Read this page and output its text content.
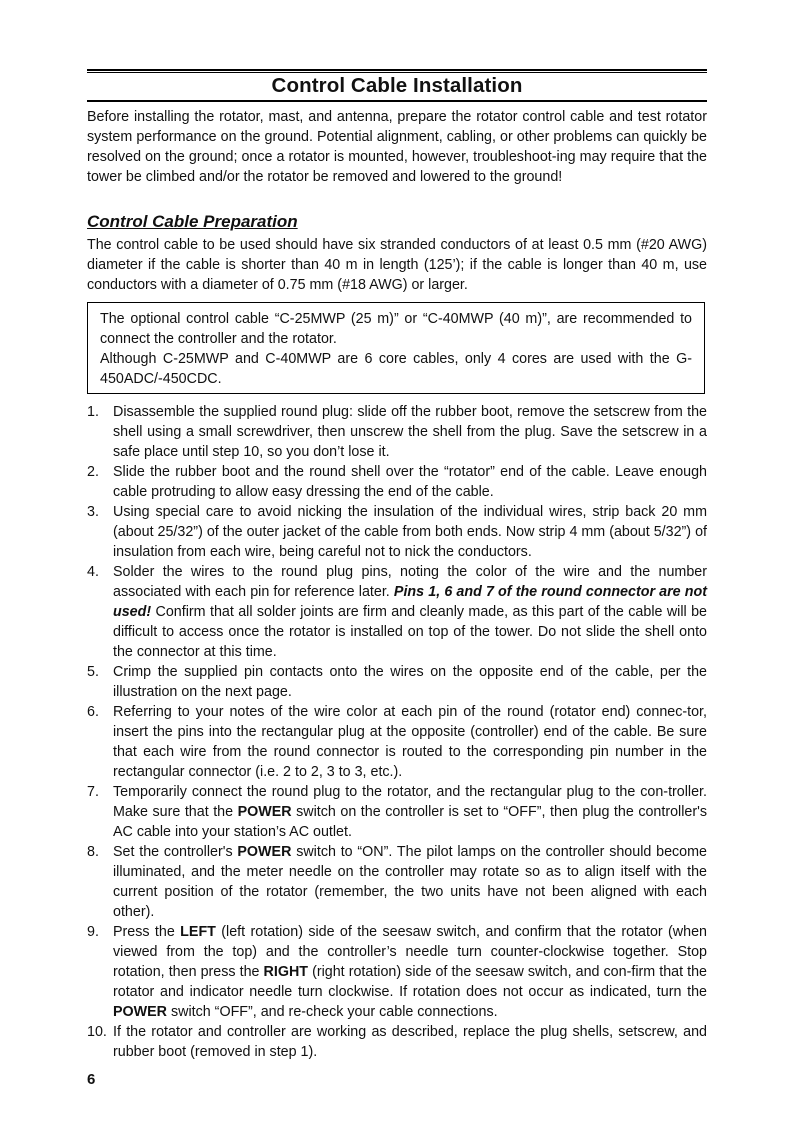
Control Cable Installation
Before installing the rotator, mast, and antenna, prepare the rotator control cable and test rotator system performance on the ground. Potential alignment, cabling, or other problems can quickly be resolved on the ground; once a rotator is mounted, however, troubleshoot-ing may require that the tower be climbed and/or the rotator be removed and lowered to the ground!
Control Cable Preparation
The control cable to be used should have six stranded conductors of at least 0.5 mm (#20 AWG) diameter if the cable is shorter than 40 m in length (125’); if the cable is longer than 40 m, use conductors with a diameter of 0.75 mm (#18 AWG) or larger.
The optional control cable “C-25MWP (25 m)” or “C-40MWP (40 m)”, are recommended to connect the controller and the rotator.
Although C-25MWP and C-40MWP are 6 core cables, only 4 cores are used with the G-450ADC/-450CDC.
1. Disassemble the supplied round plug: slide off the rubber boot, remove the setscrew from the shell using a small screwdriver, then unscrew the shell from the plug. Save the setscrew in a safe place until step 10, so you don’t lose it.
2. Slide the rubber boot and the round shell over the “rotator” end of the cable. Leave enough cable protruding to allow easy dressing the end of the cable.
3. Using special care to avoid nicking the insulation of the individual wires, strip back 20 mm (about 25/32”) of the outer jacket of the cable from both ends. Now strip 4 mm (about 5/32”) of insulation from each wire, being careful not to nick the conductors.
4. Solder the wires to the round plug pins, noting the color of the wire and the number associated with each pin for reference later. Pins 1, 6 and 7 of the round connector are not used! Confirm that all solder joints are firm and cleanly made, as this part of the cable will be difficult to access once the rotator is installed on top of the tower. Do not slide the shell onto the connector at this time.
5. Crimp the supplied pin contacts onto the wires on the opposite end of the cable, per the illustration on the next page.
6. Referring to your notes of the wire color at each pin of the round (rotator end) connec-tor, insert the pins into the rectangular plug at the opposite (controller) end of the cable. Be sure that each wire from the round connector is routed to the corresponding pin number in the rectangular connector (i.e. 2 to 2, 3 to 3, etc.).
7. Temporarily connect the round plug to the rotator, and the rectangular plug to the con-troller. Make sure that the POWER switch on the controller is set to “OFF”, then plug the controller's AC cable into your station’s AC outlet.
8. Set the controller's POWER switch to “ON”. The pilot lamps on the controller should become illuminated, and the meter needle on the controller may rotate so as to align itself with the current position of the rotator (remember, the two units have not been aligned with each other).
9. Press the LEFT (left rotation) side of the seesaw switch, and confirm that the rotator (when viewed from the top) and the controller’s needle turn counter-clockwise together. Stop rotation, then press the RIGHT (right rotation) side of the seesaw switch, and con-firm that the rotator and indicator needle turn clockwise. If rotation does not occur as indicated, turn the POWER switch “OFF”, and re-check your cable connections.
10. If the rotator and controller are working as described, replace the plug shells, setscrew, and rubber boot (removed in step 1).
6
